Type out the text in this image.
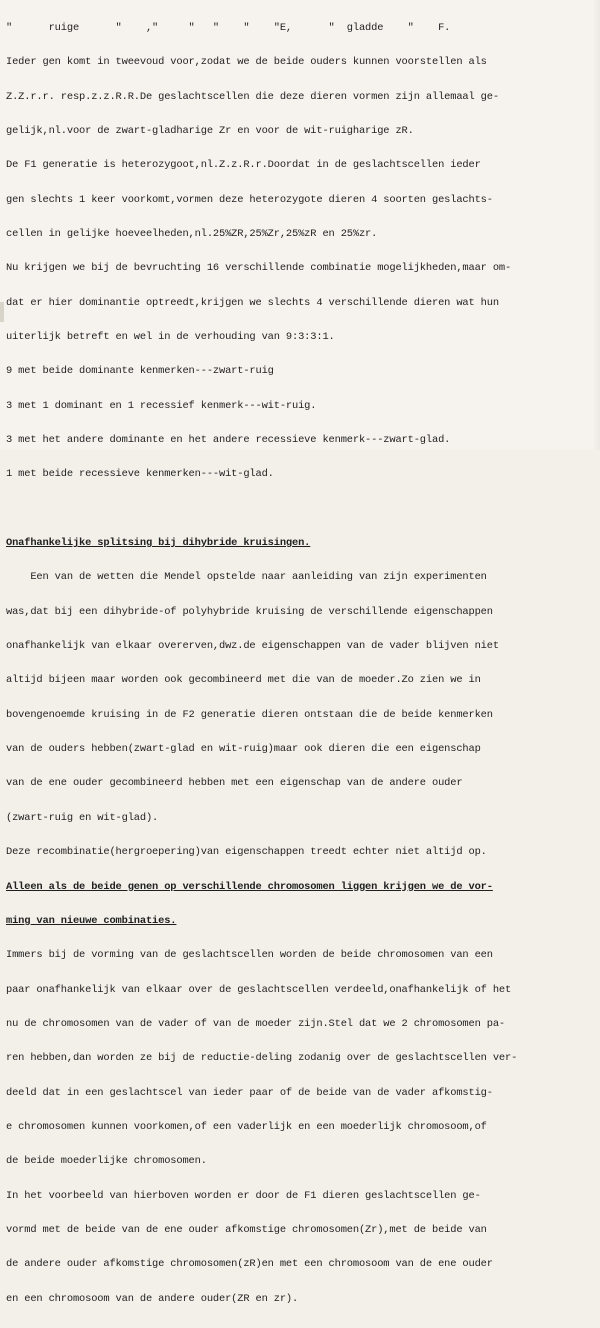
"      ruige      "    ,"     "   "    "    "E,      "  gladde    "    F.

Ieder gen komt in tweevoud voor,zodat we de beide ouders kunnen voorstellen als

Z.Z.r.r. resp.z.z.R.R.De geslachtscellen die deze dieren vormen zijn allemaal ge-

gelijk,nl.voor de zwart-gladharige Zr en voor de wit-ruigharige zR.

De F1 generatie is heterozygoot,nl.Z.z.R.r.Doordat in de geslachtscellen ieder

gen slechts 1 keer voorkomt,vormen deze heterozygote dieren 4 soorten geslachts-

cellen in gelijke hoeveelheden,nl.25%ZR,25%Zr,25%zR en 25%zr.

Nu krijgen we bij de bevruchting 16 verschillende combinatie mogelijkheden,maar om-

dat er hier dominantie optreedt,krijgen we slechts 4 verschillende dieren wat hun

uiterlijk betreft en wel in de verhouding van 9:3:3:1.

9 met beide dominante kenmerken---zwart-ruig

3 met 1 dominant en 1 recessief kenmerk---wit-ruig.

3 met het andere dominante en het andere recessieve kenmerk---zwart-glad.

1 met beide recessieve kenmerken---wit-glad.

Onafhankelijke splitsing bij dihybride kruisingen.

Een van de wetten die Mendel opstelde naar aanleiding van zijn experimenten

was,dat bij een dihybride-of polyhybride kruising de verschillende eigenschappen

onafhankelijk van elkaar overerven,dwz.de eigenschappen van de vader blijven niet

altijd bijeen maar worden ook gecombineerd met die van de moeder.Zo zien we in

bovengenoemde kruising in de F2 generatie dieren ontstaan die de beide kenmerken

van de ouders hebben(zwart-glad en wit-ruig)maar ook dieren die een eigenschap

van de ene ouder gecombineerd hebben met een eigenschap van de andere ouder

(zwart-ruig en wit-glad).

Deze recombinatie(hergroepering)van eigenschappen treedt echter niet altijd op.

Alleen als de beide genen op verschillende chromosomen liggen krijgen we de vor-

ming van nieuwe combinaties.

Immers bij de vorming van de geslachtscellen worden de beide chromosomen van een

paar onafhankelijk van elkaar over de geslachtscellen verdeeld,onafhankelijk of het

nu de chromosomen van de vader of van de moeder zijn.Stel dat we 2 chromosomen pa-

ren hebben,dan worden ze bij de reductie-deling zodanig over de geslachtscellen ver-

deeld dat in een geslachtscel van ieder paar of de beide van de vader afkomstig-

e chromosomen kunnen voorkomen,of een vaderlijk en een moederlijk chromosoom,of

de beide moederlijke chromosomen.

In het voorbeeld van hierboven worden er door de F1 dieren geslachtscellen ge-

vormd met de beide van de ene ouder afkomstige chromosomen(Zr),met de beide van

de andere ouder afkomstige chromosomen(zR)en met een chromosoom van de ene ouder

en een chromosoom van de andere ouder(ZR en zr).
